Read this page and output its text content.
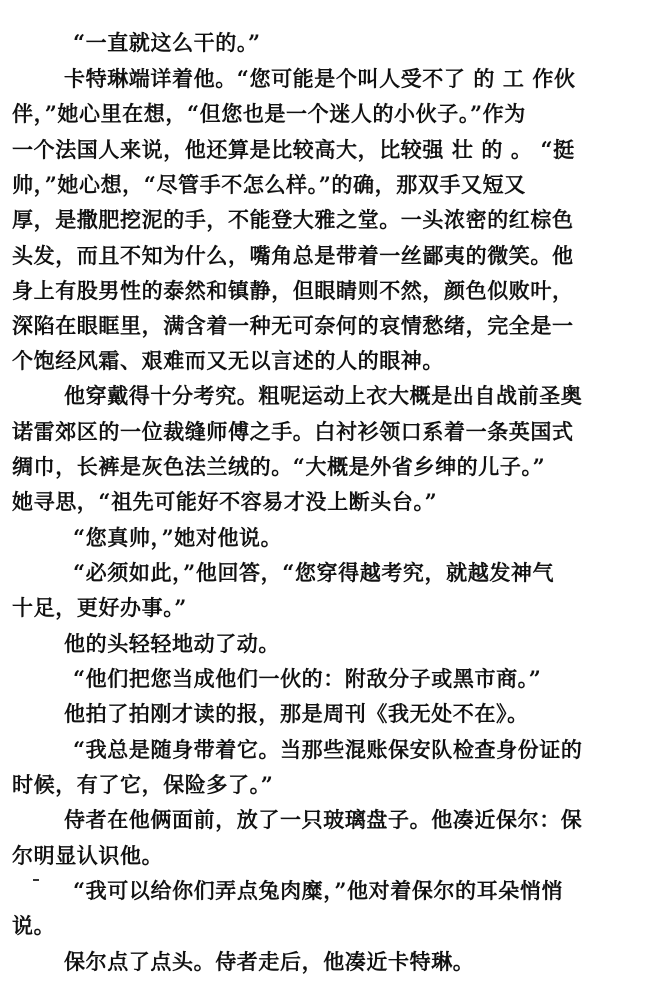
“一直就这么干的。”
卡特琳端详着他。“您可能是个叫人受不了 的 工 作伙
伴，”她心里在想，“但您也是一个迷人的小伙子。”作为
一个法国人来说，他还算是比较高大，比较强 壮 的 。 “挺
帅，”她心想，“尽管手不怎么样。”的确，那双手又短又
厚，是撒肥挖泥的手，不能登大雅之堂。一头浓密的红棕色
头发，而且不知为什么，嘴角总是带着一丝鄙夷的微笑。他
身上有股男性的泰然和镇静，但眼睛则不然，颜色似败叶，
深陷在眼眶里，满含着一种无可奈何的哀情愁绪，完全是一
个饱经风霜、艰难而又无以言述的人的眼神。
他穿戴得十分考究。粗呢运动上衣大概是出自战前圣奥
诺雷郊区的一位裁缝师傅之手。白衬衫领口系着一条英国式
绸巾，长裤是灰色法兰绒的。“大概是外省乡绅的儿子。”
她寻思，“祖先可能好不容易才没上断头台。”
“您真帅，”她对他说。
“必须如此，”他回答，“您穿得越考究，就越发神气
十足，更好办事。”
他的头轻轻地动了动。
“他们把您当成他们一伙的：附敌分子或黑市商。”
他拍了拍刚才读的报，那是周刊《我无处不在》。
“我总是随身带着它。当那些混账保安队检查身份证的
时候，有了它，保险多了。”
侍者在他俩面前，放了一只玻璃盘子。他凑近保尔：保
尔明显认识他。
“我可以给你们弄点兔肉糜，”他对着保尔的耳朵悄悄
说。
保尔点了点头。侍者走后，他凑近卡特琳。
